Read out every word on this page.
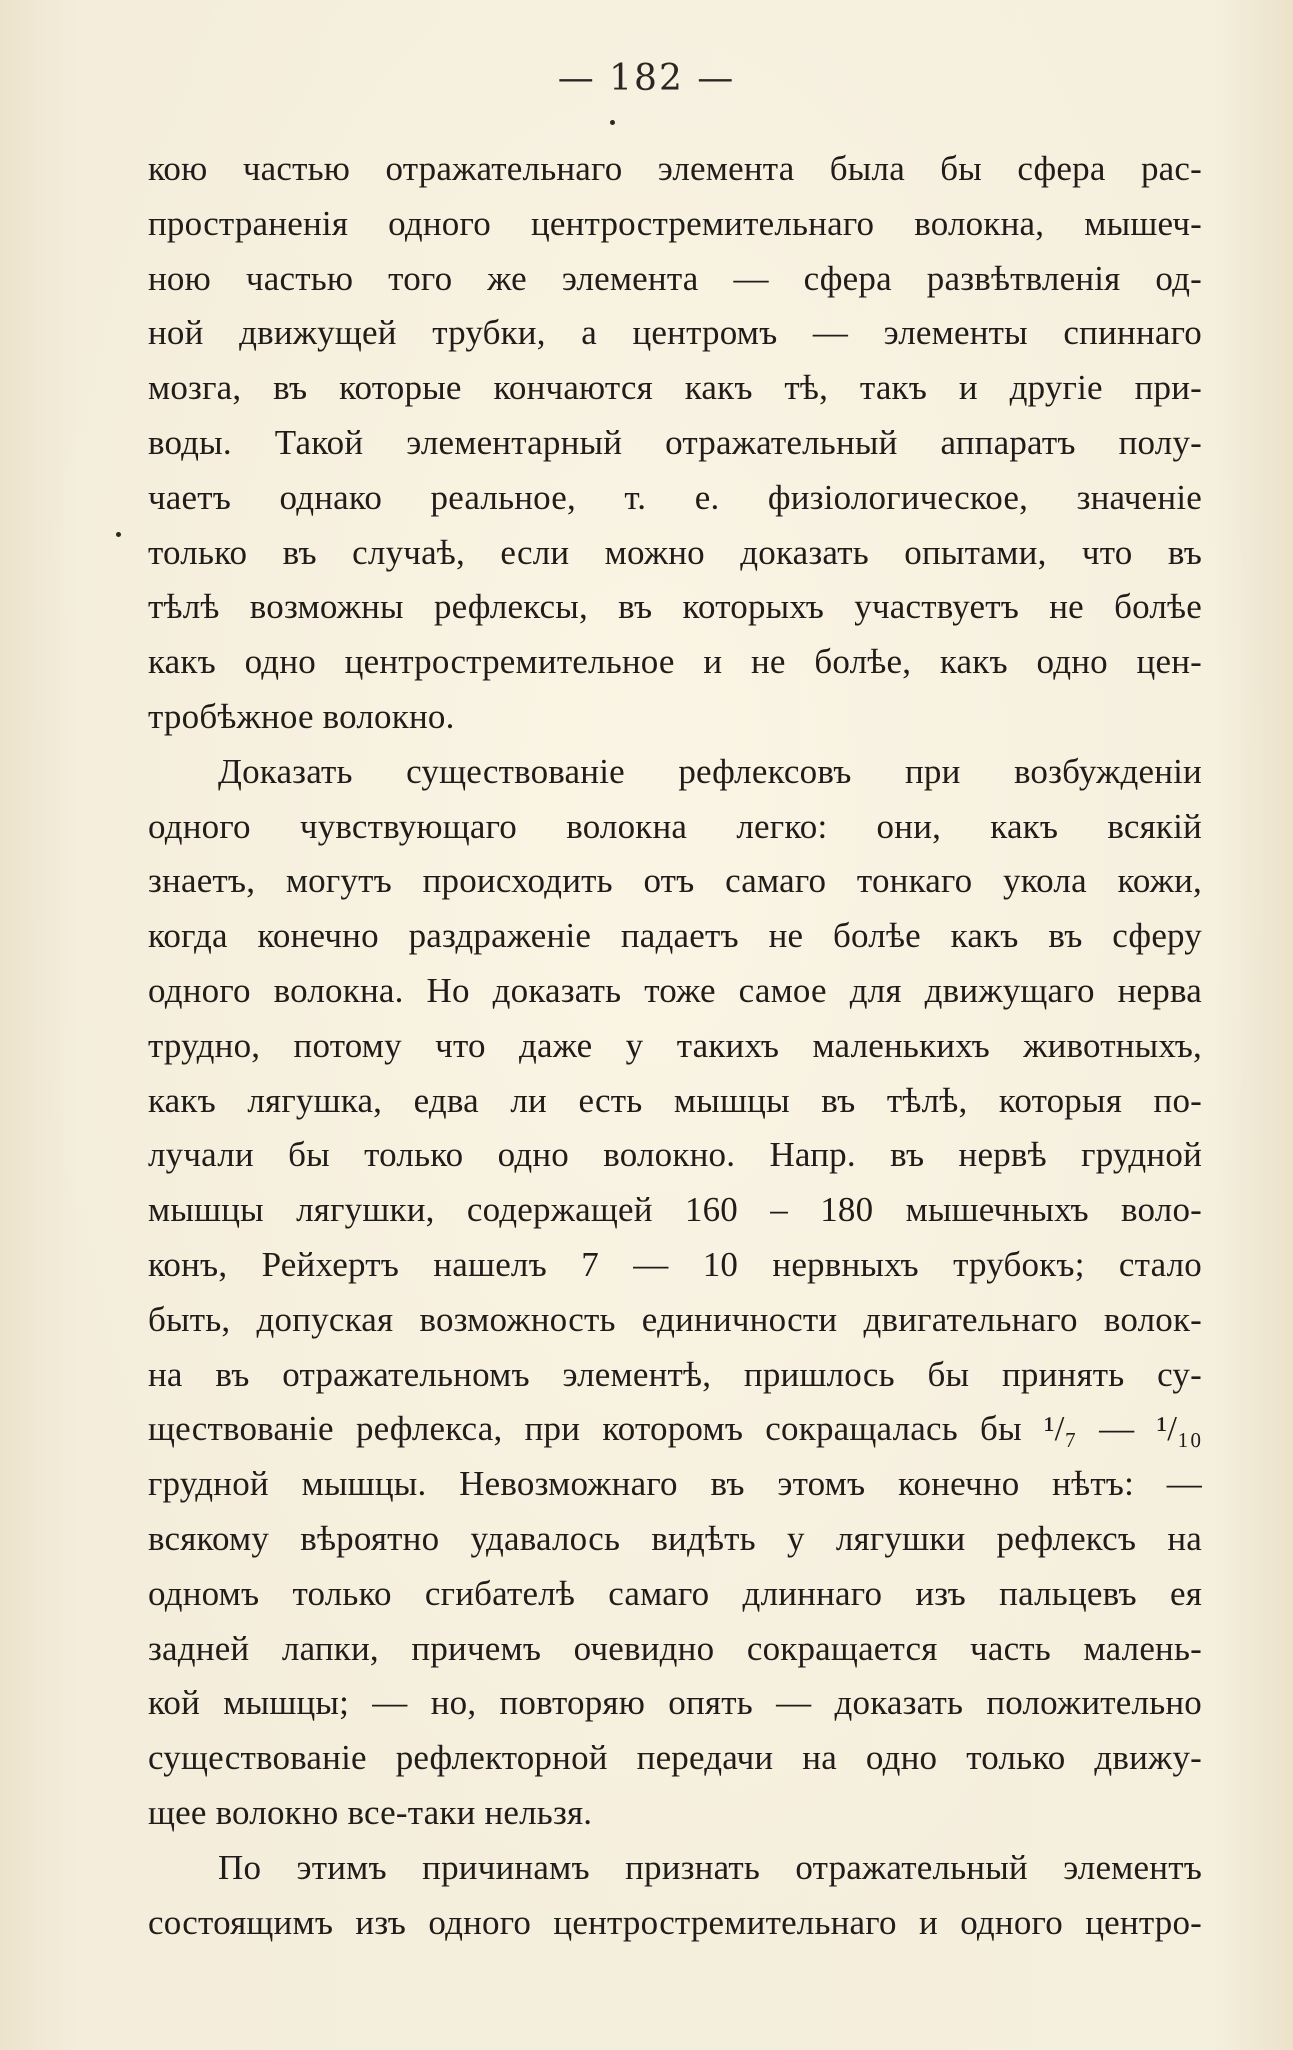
— 182 —
кою частью отражательнаго элемента была бы сфера рас-
пространенія одного центростремительнаго волокна, мышеч-
ною частью того же элемента — сфера развѣтвленія од-
ной движущей трубки, а центромъ — элементы спиннаго
мозга, въ которые кончаются какъ тѣ, такъ и другіе при-
воды. Такой элементарный отражательный аппаратъ полу-
чаетъ однако реальное, т. е. физіологическое, значеніе
только въ случаѣ, если можно доказать опытами, что въ
тѣлѣ возможны рефлексы, въ которыхъ участвуетъ не болѣе
какъ одно центростремительное и не болѣе, какъ одно цен-
тробѣжное волокно.
Доказать существованіе рефлексовъ при возбужденіи
одного чувствующаго волокна легко: они, какъ всякій
знаетъ, могутъ происходить отъ самаго тонкаго укола кожи,
когда конечно раздраженіе падаетъ не болѣе какъ въ сферу
одного волокна. Но доказать тоже самое для движущаго нерва
трудно, потому что даже у такихъ маленькихъ животныхъ,
какъ лягушка, едва ли есть мышцы въ тѣлѣ, которыя по-
лучали бы только одно волокно. Напр. въ нервѣ грудной
мышцы лягушки, содержащей 160 – 180 мышечныхъ воло-
конъ, Рейхертъ нашелъ 7 — 10 нервныхъ трубокъ; стало
быть, допуская возможность единичности двигательнаго волок-
на въ отражательномъ элементѣ, пришлось бы принять су-
ществованіе рефлекса, при которомъ сокращалась бы ¹/₇ — ¹/₁₀
грудной мышцы. Невозможнаго въ этомъ конечно нѣтъ: —
всякому вѣроятно удавалось видѣть у лягушки рефлексъ на
одномъ только сгибателѣ самаго длиннаго изъ пальцевъ ея
задней лапки, причемъ очевидно сокращается часть малень-
кой мышцы; — но, повторяю опять — доказать положительно
существованіе рефлекторной передачи на одно только движу-
щее волокно все-таки нельзя.
По этимъ причинамъ признать отражательный элементъ
состоящимъ изъ одного центростремительнаго и одного центро-
